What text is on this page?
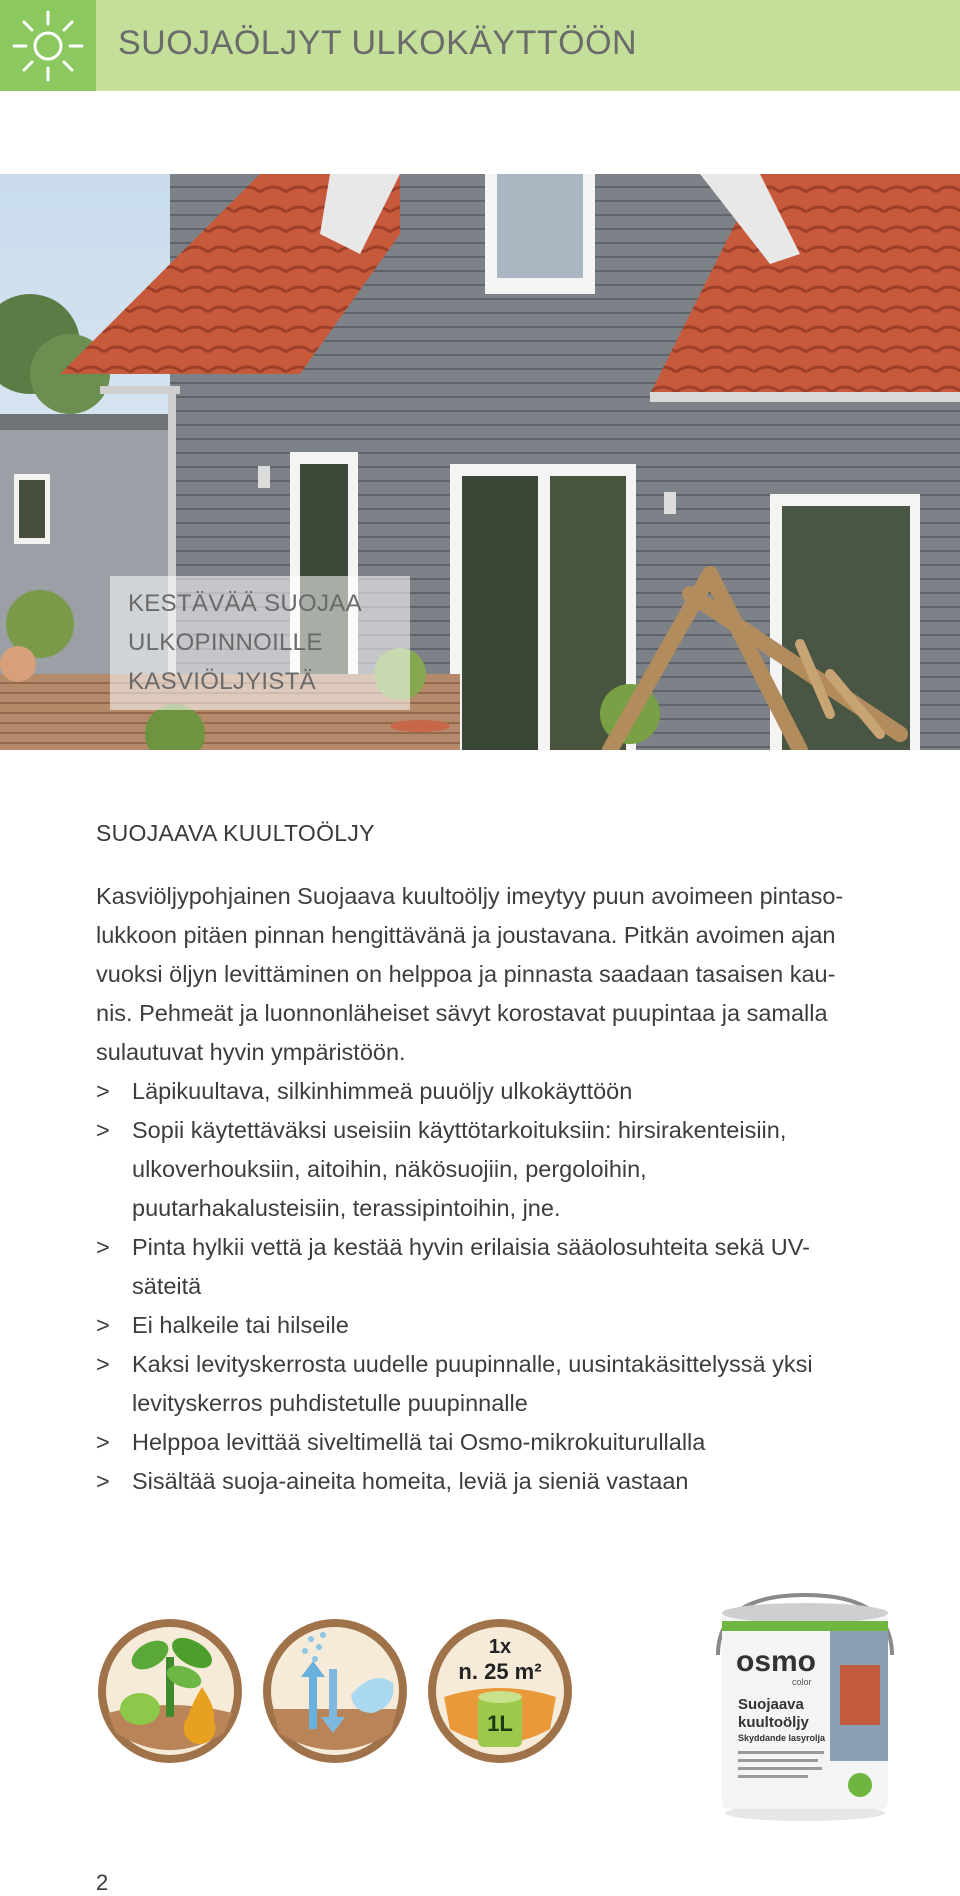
SUOJAÖLJYT ULKOKÄYTTÖÖN
KESTÄVÄÄ SUOJAA
ULKOPINNOILLE
KASVIÖLJYISTÄ
SUOJAAVA KUULTOÖLJY

Kasviöljypohjainen Suojaava kuultoöljy imeytyy puun avoimeen pintaso-
lukkoon pitäen pinnan hengittävänä ja joustavana. Pitkän avoimen ajan
vuoksi öljyn levittäminen on helppoa ja pinnasta saadaan tasaisen kau-
nis. Pehmeät ja luonnonläheiset sävyt korostavat puupintaa ja samalla
sulautuvat hyvin ympäristöön.

> Läpikuultava, silkinhimmeä puuöljy ulkokäyttöön
> Sopii käytettäväksi useisiin käyttötarkoituksiin: hirsirakenteisiin,
ulkoverhouksiin, aitoihin, näkösuojiin, pergoloihin,
puutarhakalusteisiin, terassipintoihin, jne.
> Pinta hylkii vettä ja kestää hyvin erilaisia sääolosuhteita sekä UV-
säteitä
> Ei halkeile tai hilseile
> Kaksi levityskerrosta uudelle puupinnalle, uusintakäsittelyssä yksi
levityskerros puhdistetulle puupinnalle
> Helppoa levittää siveltimellä tai Osmo-mikrokuiturullalla
> Sisältää suoja-aineita homeita, leviä ja sieniä vastaan
1x
n. 25 m²
1L
osmo
color
Suojaava
kuultoöljy
Skyddande lasyrolja
2
